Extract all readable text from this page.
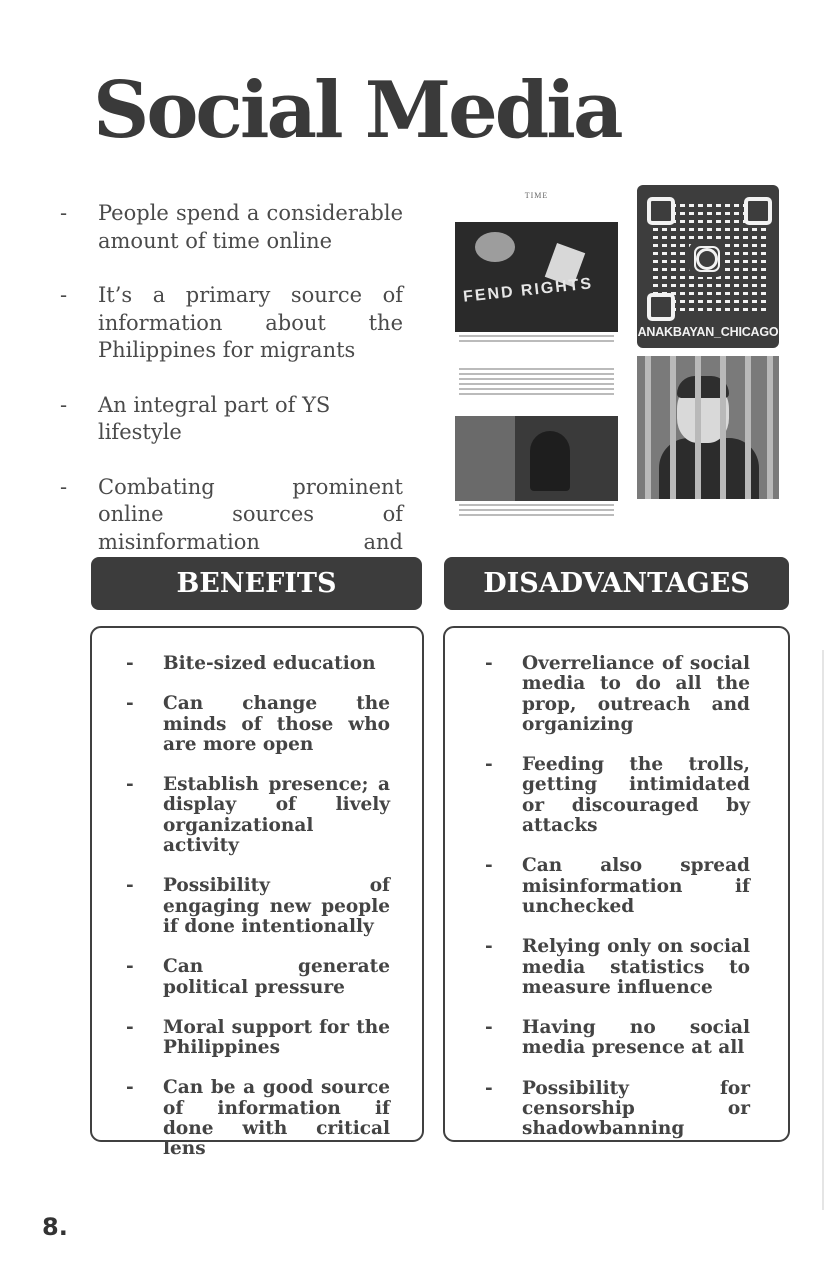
Social Media
- People spend a considerable amount of time online
- It’s a primary source of information about the Philippines for migrants
- An integral part of YS lifestyle
- Combating prominent online sources of misinformation and
TIME
FEND RIGHTS
ANAKBAYAN_CHICAGO
BENEFITS	DISADVANTAGES
- Bite-sized education
- Can change the minds of those who are more open
- Establish presence; a display of lively organizational activity
- Possibility of engaging new people if done intentionally
- Can generate political pressure
- Moral support for the Philippines
- Can be a good source of information if done with critical lens
- Overreliance of social media to do all the prop, outreach and organizing
- Feeding the trolls, getting intimidated or discouraged by attacks
- Can also spread misinformation if unchecked
- Relying only on social media statistics to measure influence
- Having no social media presence at all
- Possibility for censorship or shadowbanning
8.
